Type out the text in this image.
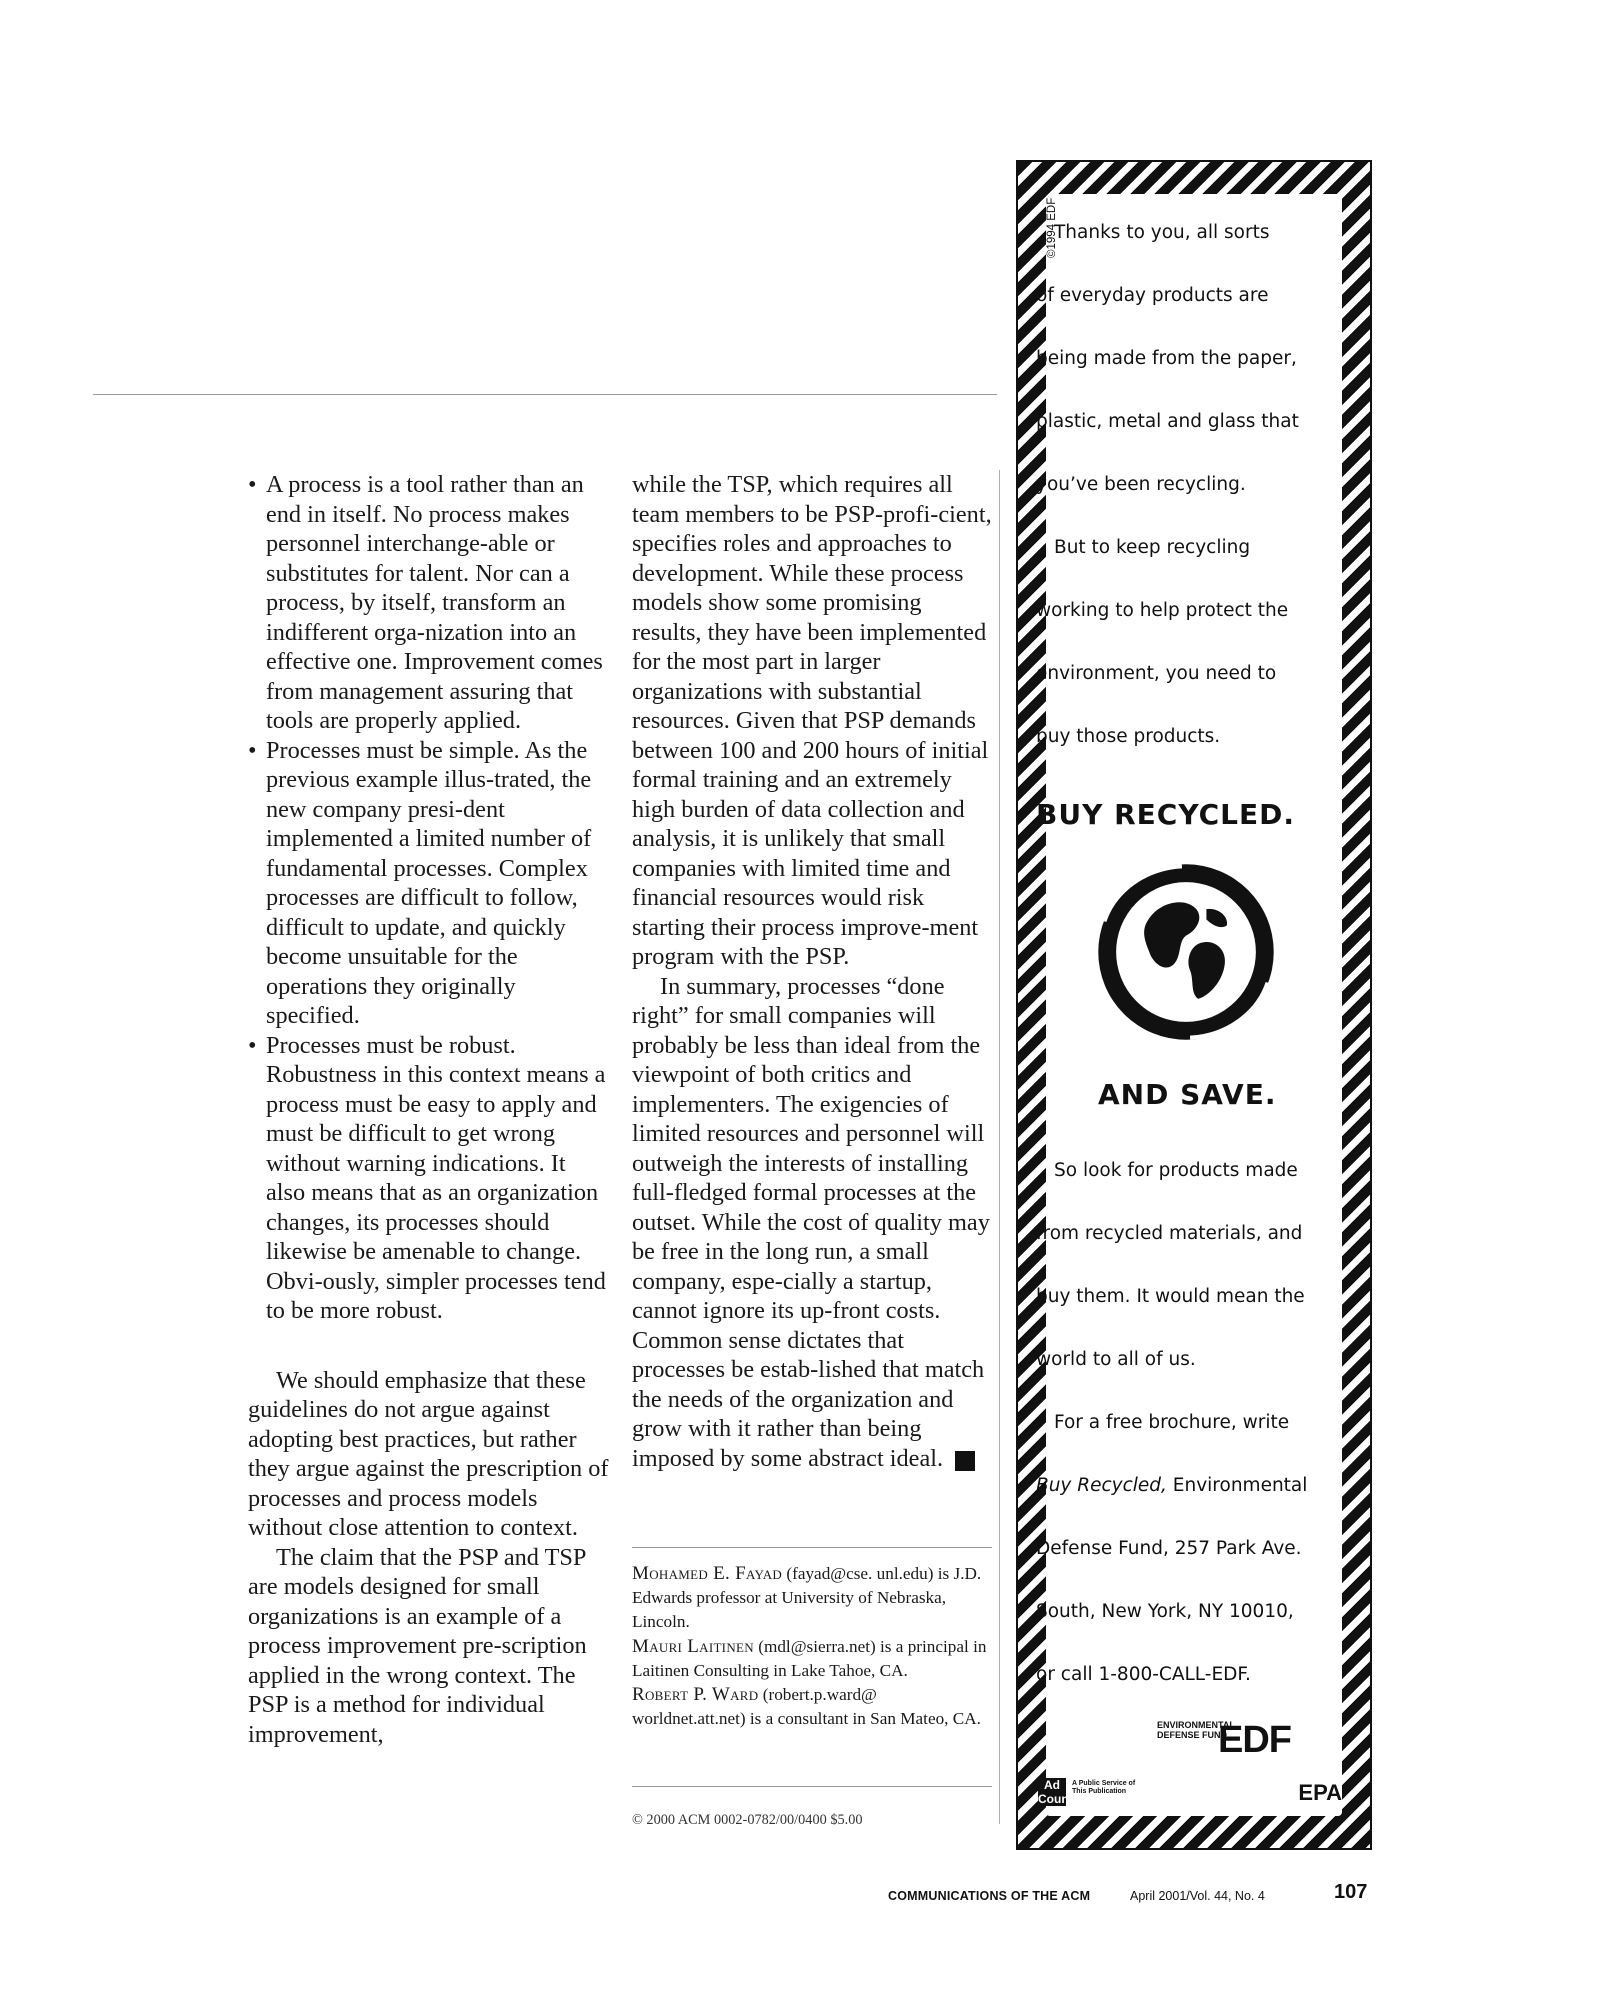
• A process is a tool rather than an end in itself. No process makes personnel interchange-able or substitutes for talent. Nor can a process, by itself, transform an indifferent orga-nization into an effective one. Improvement comes from management assuring that tools are properly applied.

• Processes must be simple. As the previous example illus-trated, the new company presi-dent implemented a limited number of fundamental processes. Complex processes are difficult to follow, difficult to update, and quickly become unsuitable for the operations they originally specified.

• Processes must be robust. Robustness in this context means a process must be easy to apply and must be difficult to get wrong without warning indications. It also means that as an organization changes, its processes should likewise be amenable to change. Obvi-ously, simpler processes tend to be more robust.

We should emphasize that these guidelines do not argue against adopting best practices, but rather they argue against the prescription of processes and process models without close attention to context.

The claim that the PSP and TSP are models designed for small organizations is an example of a process improvement pre-scription applied in the wrong context. The PSP is a method for individual improvement,

while the TSP, which requires all team members to be PSP-profi-cient, specifies roles and approaches to development. While these process models show some promising results, they have been implemented for the most part in larger organizations with substantial resources. Given that PSP demands between 100 and 200 hours of initial formal training and an extremely high burden of data collection and analysis, it is unlikely that small companies with limited time and financial resources would risk starting their process improve-ment program with the PSP.

In summary, processes “done right” for small companies will probably be less than ideal from the viewpoint of both critics and implementers. The exigencies of limited resources and personnel will outweigh the interests of installing full-fledged formal processes at the outset. While the cost of quality may be free in the long run, a small company, espe-cially a startup, cannot ignore its up-front costs. Common sense dictates that processes be estab-lished that match the needs of the organization and grow with it rather than being imposed by some abstract ideal.	C

Mohamed E. Fayad (fayad@cse. unl.edu) is J.D. Edwards professor at University of Nebraska, Lincoln.

Mauri Laitinen (mdl@sierra.net) is a principal in Laitinen Consulting in Lake Tahoe, CA.

Robert P. Ward (robert.p.ward@ worldnet.att.net) is a consultant in San Mateo, CA.

© 2000 ACM 0002-0782/00/0400 $5.00
©1994 EDF
Thanks to you, all sorts
of everyday products are
being made from the paper,
plastic, metal and glass that
you’ve been recycling.
But to keep recycling
working to help protect the
environment, you need to
buy those products.
BUY RECYCLED.
AND SAVE.
So look for products made
from recycled materials, and
buy them. It would mean the
world to all of us.
For a free brochure, write
Buy Recycled, Environmental
Defense Fund, 257 Park Ave.
South, New York, NY 10010,
or call 1-800-CALL-EDF.
ENVIRONMENTAL DEFENSE FUND
EDF
Ad Council
A Public Service of This Publication	EPA
COMMUNICATIONS OF THE ACM	April 2001/Vol. 44, No. 4	107
